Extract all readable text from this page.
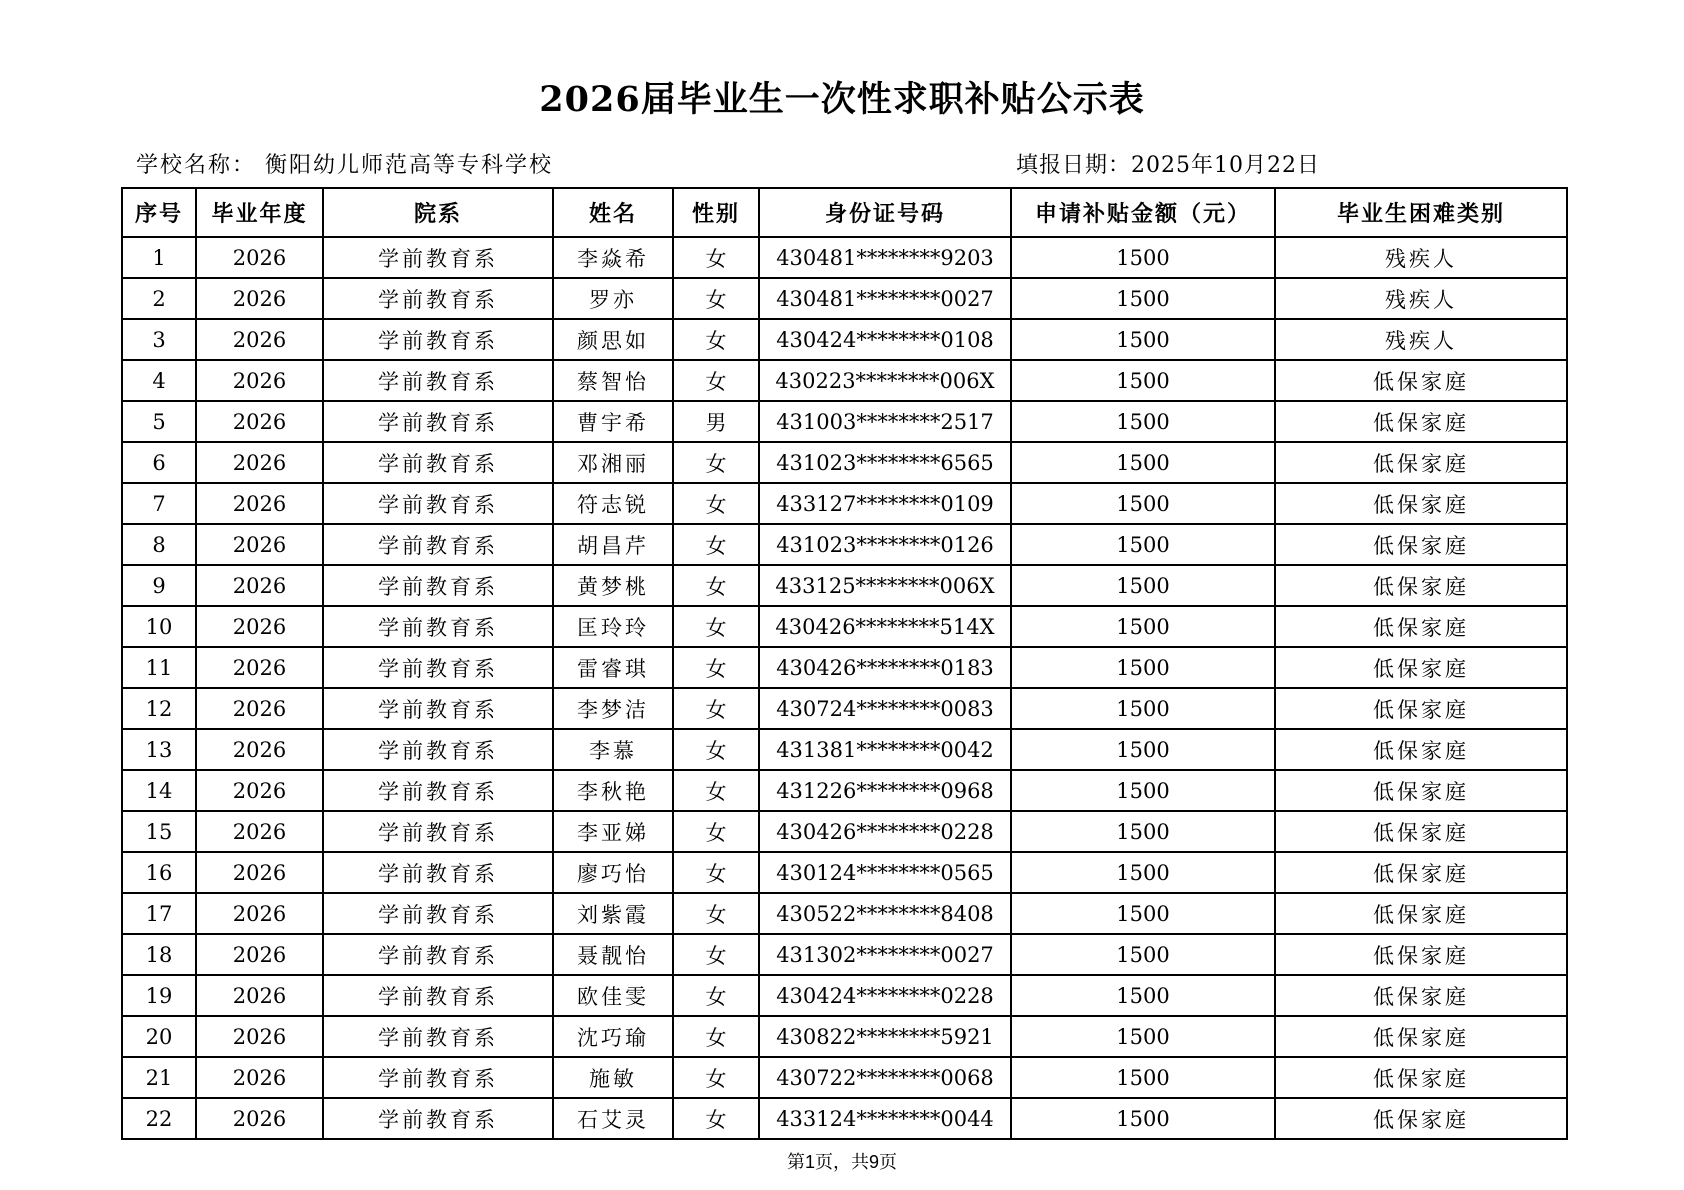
2026届毕业生一次性求职补贴公示表
学校名称： 衡阳幼儿师范高等专科学校	填报日期：2025年10月22日
序号	毕业年度	院系	姓名	性别	身份证号码	申请补贴金额（元）	毕业生困难类别
1	2026	学前教育系	李焱希	女	430481********9203	1500	残疾人
2	2026	学前教育系	罗亦	女	430481********0027	1500	残疾人
3	2026	学前教育系	颜思如	女	430424********0108	1500	残疾人
4	2026	学前教育系	蔡智怡	女	430223********006X	1500	低保家庭
5	2026	学前教育系	曹宇希	男	431003********2517	1500	低保家庭
6	2026	学前教育系	邓湘丽	女	431023********6565	1500	低保家庭
7	2026	学前教育系	符志锐	女	433127********0109	1500	低保家庭
8	2026	学前教育系	胡昌芹	女	431023********0126	1500	低保家庭
9	2026	学前教育系	黄梦桃	女	433125********006X	1500	低保家庭
10	2026	学前教育系	匡玲玲	女	430426********514X	1500	低保家庭
11	2026	学前教育系	雷睿琪	女	430426********0183	1500	低保家庭
12	2026	学前教育系	李梦洁	女	430724********0083	1500	低保家庭
13	2026	学前教育系	李慕	女	431381********0042	1500	低保家庭
14	2026	学前教育系	李秋艳	女	431226********0968	1500	低保家庭
15	2026	学前教育系	李亚娣	女	430426********0228	1500	低保家庭
16	2026	学前教育系	廖巧怡	女	430124********0565	1500	低保家庭
17	2026	学前教育系	刘紫霞	女	430522********8408	1500	低保家庭
18	2026	学前教育系	聂靓怡	女	431302********0027	1500	低保家庭
19	2026	学前教育系	欧佳雯	女	430424********0228	1500	低保家庭
20	2026	学前教育系	沈巧瑜	女	430822********5921	1500	低保家庭
21	2026	学前教育系	施敏	女	430722********0068	1500	低保家庭
22	2026	学前教育系	石艾灵	女	433124********0044	1500	低保家庭
第1页，共9页
